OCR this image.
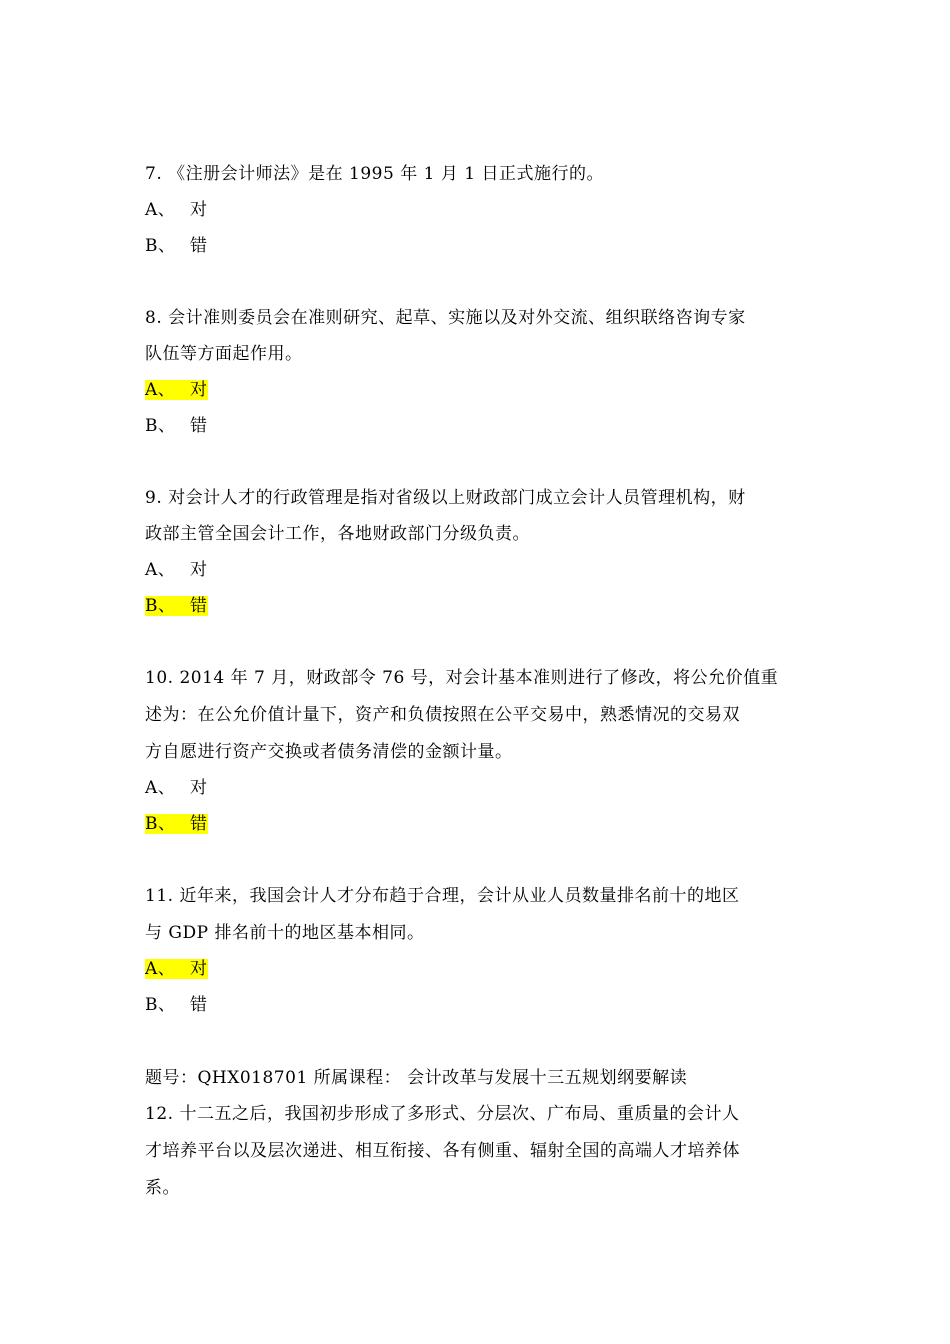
7. 《注册会计师法》是在 1995 年 1 月 1 日正式施行的。
A、 对
B、 错
8. 会计准则委员会在准则研究、起草、实施以及对外交流、组织联络咨询专家
队伍等方面起作用。
A、 对
B、 错
9. 对会计人才的行政管理是指对省级以上财政部门成立会计人员管理机构，财
政部主管全国会计工作，各地财政部门分级负责。
A、 对
B、 错
10. 2014 年 7 月，财政部令 76 号，对会计基本准则进行了修改，将公允价值重
述为：在公允价值计量下，资产和负债按照在公平交易中，熟悉情况的交易双
方自愿进行资产交换或者债务清偿的金额计量。
A、 对
B、 错
11. 近年来，我国会计人才分布趋于合理，会计从业人员数量排名前十的地区
与 GDP 排名前十的地区基本相同。
A、 对
B、 错
题号：QHX018701 所属课程： 会计改革与发展十三五规划纲要解读
12. 十二五之后，我国初步形成了多形式、分层次、广布局、重质量的会计人
才培养平台以及层次递进、相互衔接、各有侧重、辐射全国的高端人才培养体
系。
